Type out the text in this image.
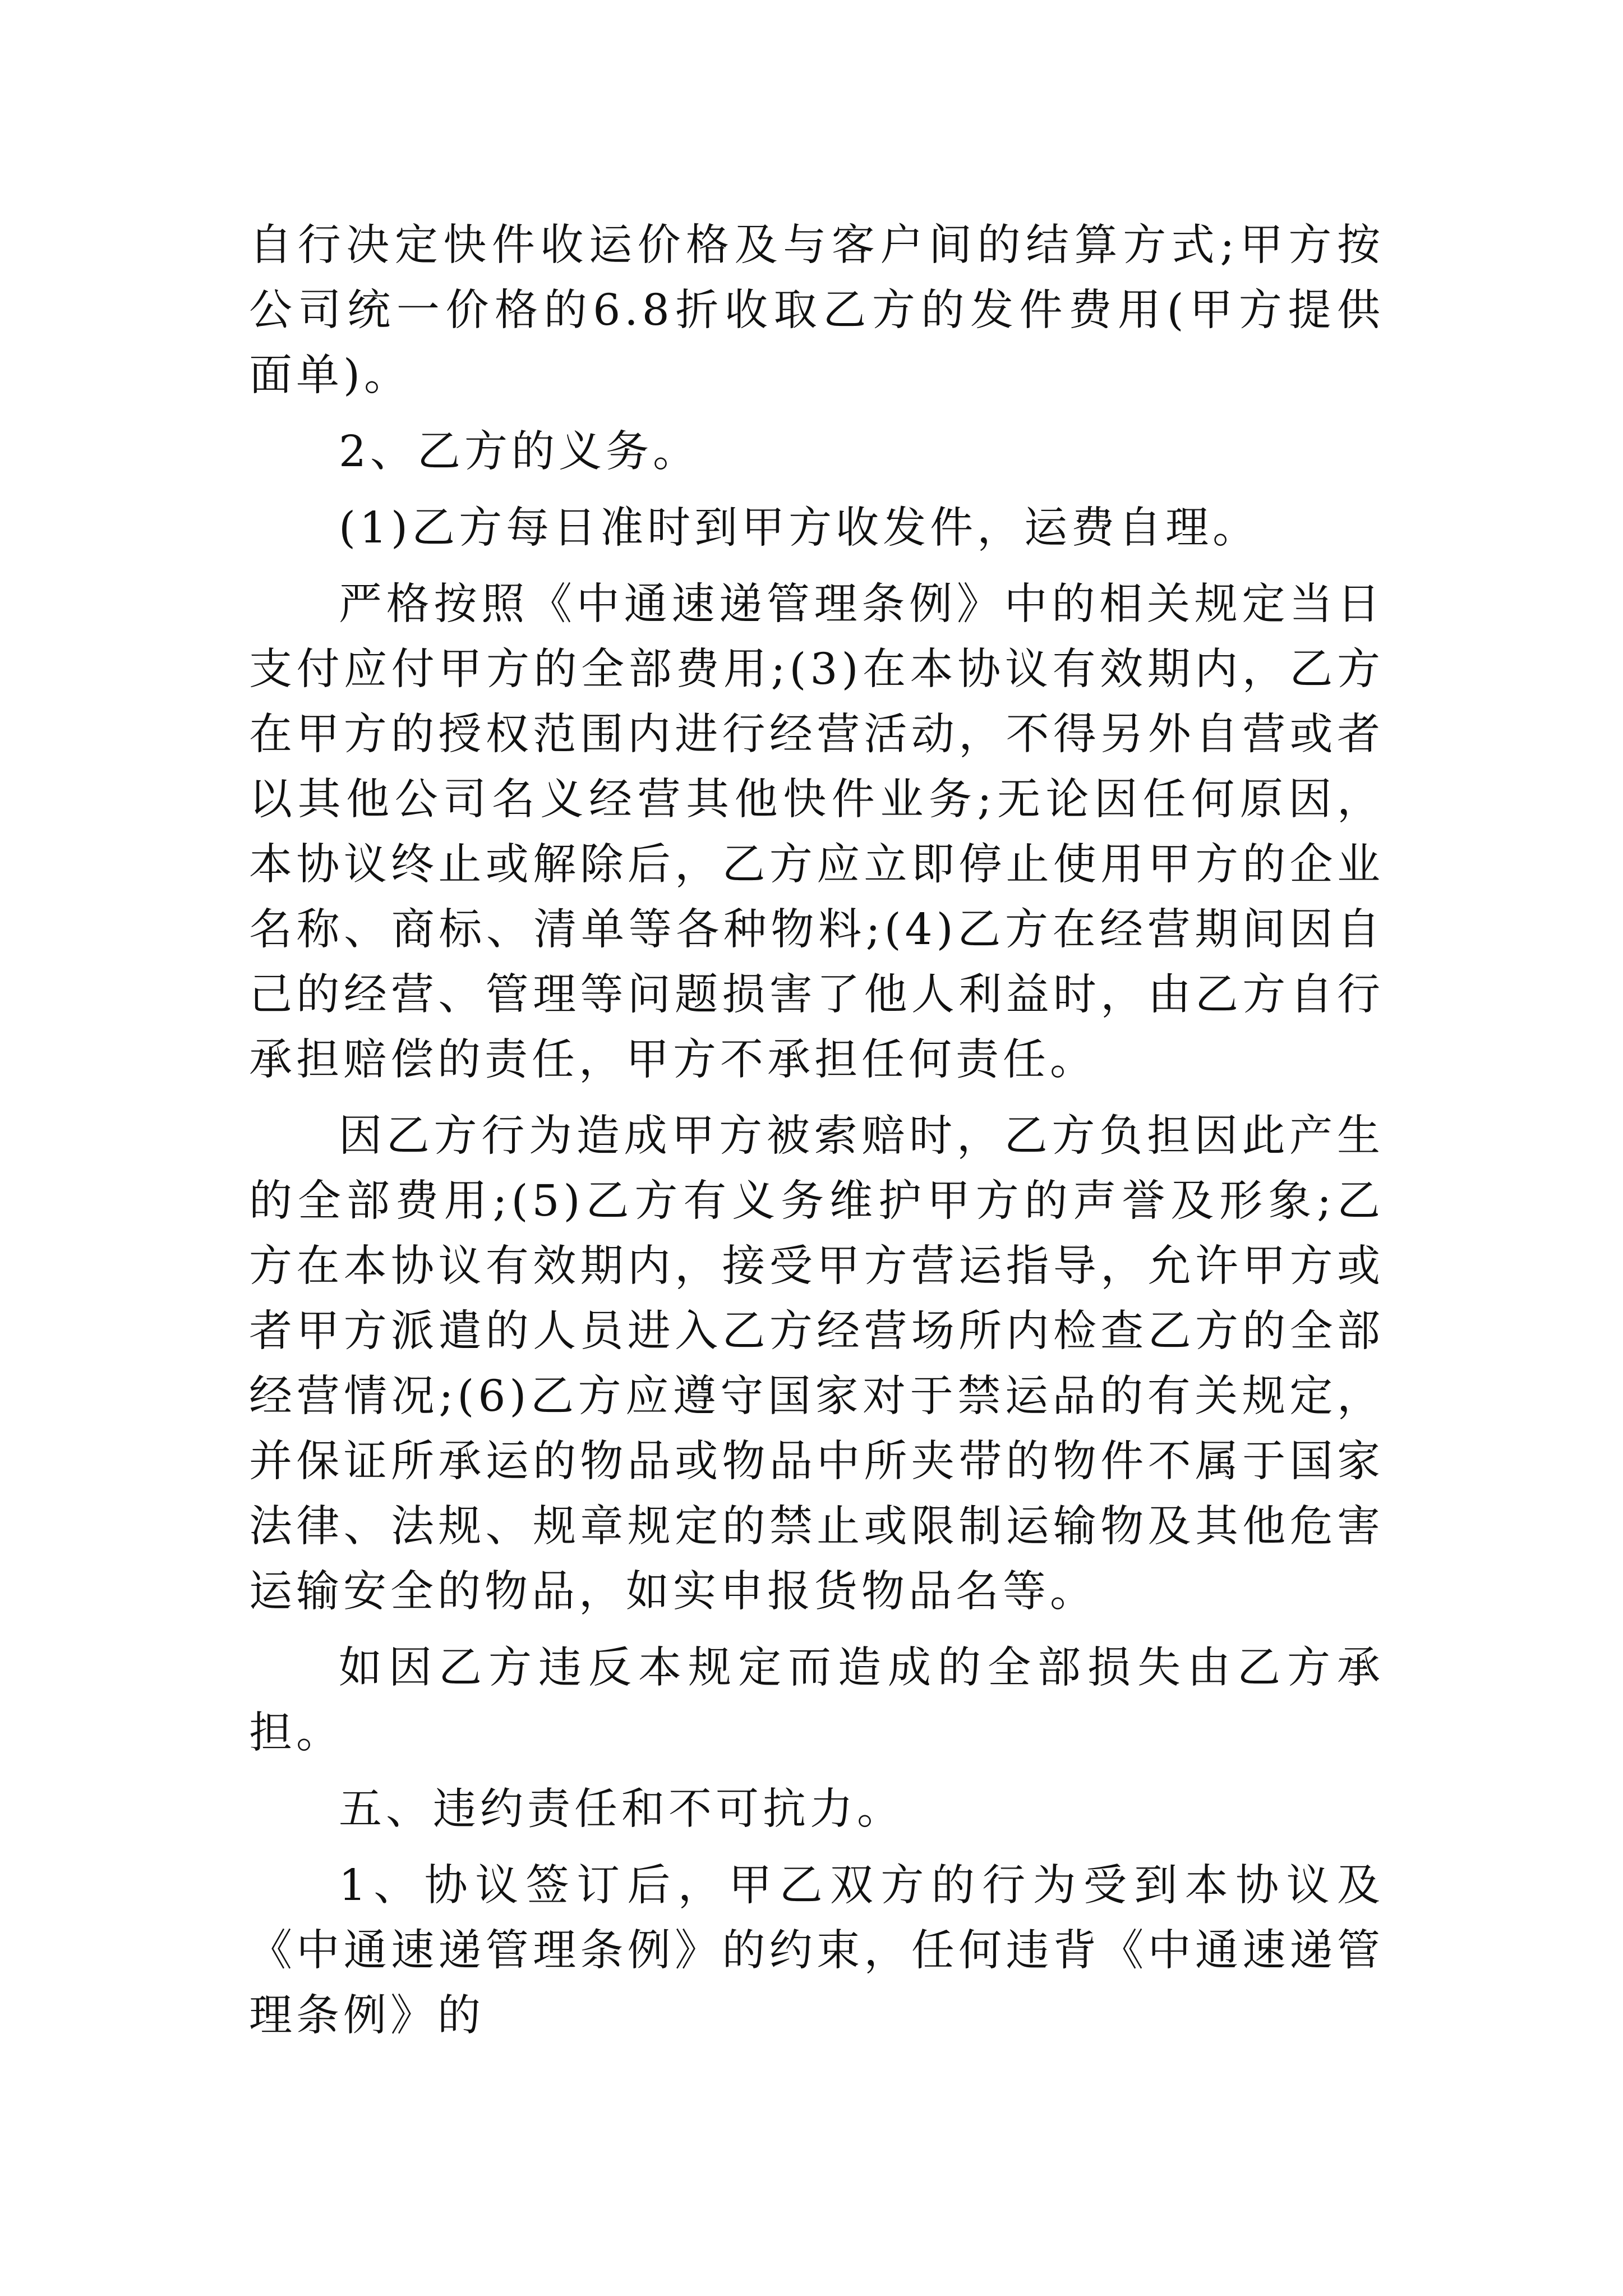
自行决定快件收运价格及与客户间的结算方式;甲方按公司统一价格的6.8折收取乙方的发件费用(甲方提供面单)。

2、乙方的义务。

(1)乙方每日准时到甲方收发件，运费自理。

严格按照《中通速递管理条例》中的相关规定当日支付应付甲方的全部费用;(3)在本协议有效期内，乙方在甲方的授权范围内进行经营活动，不得另外自营或者以其他公司名义经营其他快件业务;无论因任何原因，本协议终止或解除后，乙方应立即停止使用甲方的企业名称、商标、清单等各种物料;(4)乙方在经营期间因自己的经营、管理等问题损害了他人利益时，由乙方自行承担赔偿的责任，甲方不承担任何责任。

因乙方行为造成甲方被索赔时，乙方负担因此产生的全部费用;(5)乙方有义务维护甲方的声誉及形象;乙方在本协议有效期内，接受甲方营运指导，允许甲方或者甲方派遣的人员进入乙方经营场所内检查乙方的全部经营情况;(6)乙方应遵守国家对于禁运品的有关规定，并保证所承运的物品或物品中所夹带的物件不属于国家法律、法规、规章规定的禁止或限制运输物及其他危害运输安全的物品，如实申报货物品名等。

如因乙方违反本规定而造成的全部损失由乙方承担。

五、违约责任和不可抗力。

1、协议签订后，甲乙双方的行为受到本协议及《中通速递管理条例》的约束，任何违背《中通速递管理条例》的
